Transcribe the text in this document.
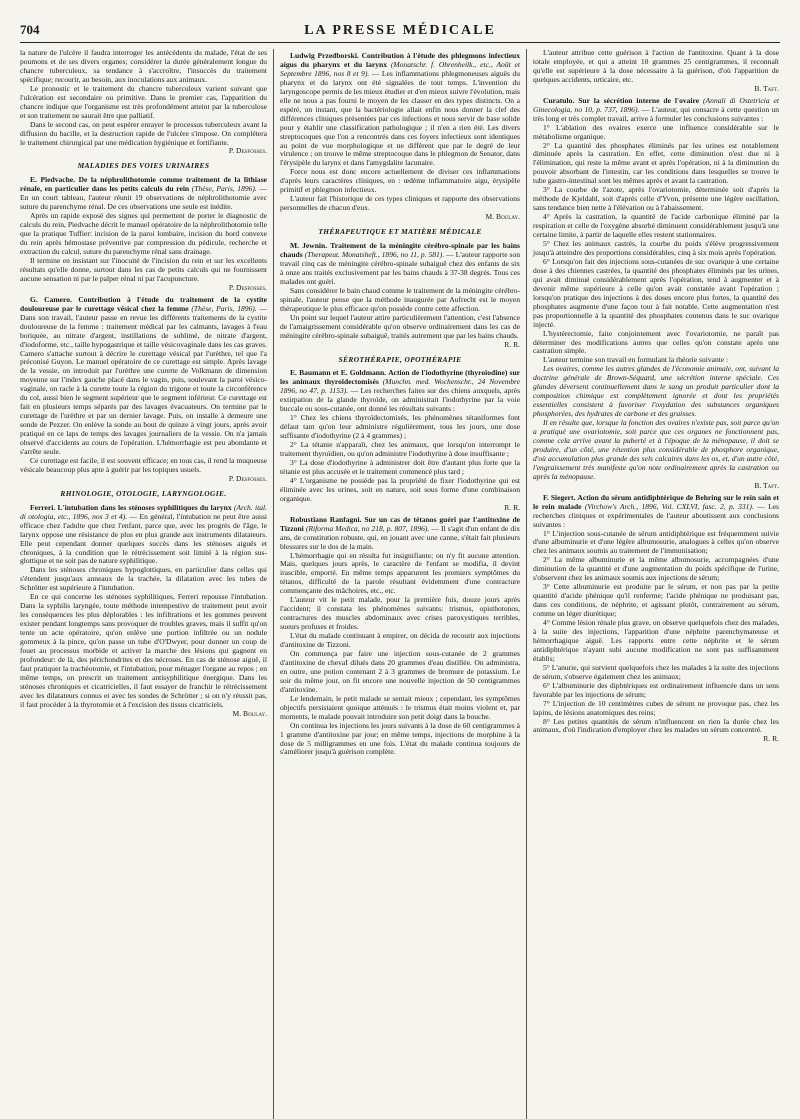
704	LA PRESSE MÉDICALE

la nature de l'ulcère il faudra interroger les antécédents du malade, l'état de ses poumons et de ses divers organes; considérer la durée généralement longue du chancre tuberculeux, sa tendance à s'accroître, l'insuccès du traitement spécifique; recourir, au besoin, aux inoculations aux animaux.

Le pronostic et le traitement du chancre tuberculeux varient suivant que l'ulcération est secondaire ou primitive. Dans le premier cas, l'apparition du chancre indique que l'organisme est très profondément atteint par la tuberculose et son traitement ne saurait être que palliatif.

Dans le second cas, on peut espérer enrayer le processus tuberculeux avant la diffusion du bacille, et la destruction rapide de l'ulcère s'impose. On complétera le traitement chirurgical par une médication hygiénique et fortifiante.

P. Desfosses.

MALADIES DES VOIES URINAIRES

E. Piedvache. De la néphrolithotomie comme traitement de la lithiase rénale, en particulier dans les petits calculs du rein (Thèse, Paris, 1896). — En un court tableau, l'auteur réunit 19 observations de néphrolithotomie avec suture du parenchyme rénal. De ces observations une seule est inédite.

Après un rapide exposé des signes qui permettent de porter le diagnostic de calculs du rein, Piedvache décrit le manuel opératoire de la néphrolithotomie telle que la pratique Tuffier: incision de la paroi lombaire, incision du bord convexe du rein après hémostase préventive par compression du pédicule, recherche et extraction du calcul, suture du parenchyme rénal sans drainage.

Il termine en insistant sur l'inocuité de l'incision du rein et sur les excellents résultats qu'elle donne, surtout dans les cas de petits calculs qui ne fournissent aucune sensation ni par le palper rénal ni par l'acupuncture.

P. Desfosses.

G. Camero. Contribution à l'étude du traitement de la cystite douloureuse par le curettage vésical chez la femme (Thèse, Paris, 1896). — Dans son travail, l'auteur passe en revue les différents traitements de la cystite douloureuse de la femme : traitement médical par les calmants, lavages à l'eau boriquée, au nitrate d'argent, instillations de sublimé, de nitrate d'argent, d'iodoforme, etc., taille hypogastrique et taille vésicovaginale dans les cas graves. Camero s'attache surtout à décrire le curettage vésical par l'urèthre, tel que l'a préconisé Guyon. Le manuel opératoire de ce curettage est simple. Après lavage de la vessie, on introduit par l'urèthre une curette de Volkmann de dimension moyenne sur l'index gauche placé dans le vagin, puis, soulevant la paroi vésico-vaginale, on racle à la curette toute la région du trigone et toute la circonférence du col, aussi bien le segment supérieur que le segment inférieur. Ce curettage est fait en plusieurs temps séparés par des lavages évacuateurs. On termine par le curettage de l'urèthre et par un dernier lavage. Puis, on installe à demeure une sonde de Pezzer. On enlève la sonde au bout de quinze à vingt jours, après avoir pratiqué en ce laps de temps des lavages journaliers de la vessie. On n'a jamais observé d'accidents au cours de l'opération. L'hémorrhagie est peu abondante et s'arrête seule.

Ce curettage est facile, il est souvent efficace; en tous cas, il rend la muqueuse vésicale beaucoup plus apte à guérir par les topiques usuels.

P. Desfosses.

RHINOLOGIE, OTOLOGIE, LARYNGOLOGIE.

Ferreri. L'intubation dans les sténoses syphilitiques du larynx (Arch. ital. di otologia, etc., 1896, nos 3 et 4). — En général, l'intubation ne peut être aussi efficace chez l'adulte que chez l'enfant, parce que, avec les progrès de l'âge, le larynx oppose une résistance de plus en plus grande aux instruments dilatateurs. Elle peut cependant donner quelques succès dans les sténoses aiguës et chroniques, à la condition que le rétrécissement soit limité à la région sus-glottique et ne soit pas de nature syphilitique.

Dans les sténoses chroniques hypoglottiques, en particulier dans celles qui s'étendent jusqu'aux anneaux de la trachée, la dilatation avec les tubes de Schrötter est supérieure à l'intubation.

En ce qui concerne les sténoses syphilitiques, Ferreri repousse l'intubation. Dans la syphilis laryngée, toute méthode intempestive de traitement peut avoir les conséquences les plus déplorables : les infiltrations et les gommes peuvent exister pendant longtemps sans provoquer de troubles graves, mais il suffit qu'on tente un acte opératoire, qu'on enlève une portion infiltrée ou un nodule gommeux à la pince, qu'on passe un tube d'O'Dwyer, pour donner un coup de fouet au processus morbide et activer la marche des lésions qui gagnent en profondeur: de là, des périchondrites et des nécroses. En cas de sténose aiguë, il faut pratiquer la trachéotomie, et l'intubation, pour ménager l'organe au repos ; en même temps, on prescrit un traitement antisyphilitique énergique. Dans les sténoses chroniques et cicatricielles, il faut essayer de franchir le rétrécissement avec les dilatateurs connus et avec les sondes de Schrötter ; si on n'y réussit pas, il faut procéder à la thyrotomie et à l'excision des tissus cicatriciels.

M. Boulay.

Ludwig Przedborski. Contribution à l'étude des phlegmons infectieux aigus du pharynx et du larynx (Monatschr. f. Ohrenheilk., etc., Août et Septembre 1896, nos 8 et 9). — Les inflammations phlegmoneuses aiguës du pharynx et du larynx ont été signalées de tout temps. L'invention du laryngoscope permis de les mieux étudier et d'en mieux suivre l'évolution, mais elle ne nous a pas fourni le moyen de les classer en des types distincts. On a espéré, un instant, que la bactériologie allait enfin nous donner la clef des différences cliniques présentées par ces infections et nous servir de base solide pour y établir une classification pathologique ; il n'en a rien été. Les divers streptocoques que l'on a rencontrés dans ces foyers infectieux sont identiques au point de vue morphologique et ne diffèrent que par le degré de leur virulence ; on trouve le même streptocoque dans le phlegmon de Senator, dans l'érysipèle du larynx et dans l'amygdalite lacunaire.

Force nous est donc encore actuellement de diviser ces inflammations d'après leurs caractères cliniques, en : œdème inflammatoire aigu, érysipèle primitif et phlegmon infectieux.

L'auteur fait l'historique de ces types cliniques et rapporte des observations personnelles de chacun d'eux.

M. Boulay.

THÉRAPEUTIQUE ET MATIÈRE MÉDICALE

M. Jewnin. Traitement de la méningite cérébro-spinale par les bains chauds (Therapeut. Monatsheft., 1896, no 11, p. 581). — L'auteur rapporte son travail cinq cas de méningite cérébro-spinale subaiguë chez des enfants de six à onze ans traités exclusivement par les bains chauds à 37-38 degrés. Tous ces malades ont guéri.

Sans considérer le bain chaud comme le traitement de la méningite cérébro-spinale, l'auteur pense que la méthode inaugurée par Aufrecht est le moyen thérapeutique le plus efficace qu'on possède contre cette affection.

Un point sur lequel l'auteur attire particulièrement l'attention, c'est l'absence de l'amaigrissement considérable qu'on observe ordinairement dans les cas de méningite cérébro-spinale subaiguë, traités autrement que par les bains chauds.

R. R.

SÉROTHÉRAPIE, OPOTHÉRAPIE

E. Baumann et E. Goldmann. Action de l'iodothyrine (thyroïodine) sur les animaux thyroïdectomisés (Munchn. med. Wochenschr., 24 Novembre 1896, no 47, p. 1153). — Les recherches faites sur des chiens auxquels, après extirpation de la glande thyroïde, on administrait l'iodothyrine par la voie buccale ou sous-cutanée, ont donné les résultats suivants :

1° Chez les chiens thyroïdectomisés, les phénomènes tétaniformes font défaut tant qu'on leur administre régulièrement, tous les jours, une dose suffisante d'iodothyrine (2 à 4 grammes) ;

2° La tétanie n'apparaît, chez les animaux, que lorsqu'on interrompt le traitement thyroïdien, ou qu'on administre l'iodothyrine à dose insuffisante ;

3° La dose d'iodothyrine à administrer doit être d'autant plus forte que la tétanie est plus accusée et le traitement commencé plus tard ;

4° L'organisme ne possède pas la propriété de fixer l'iodothyrine qui est éliminée avec les urines, soit en nature, soit sous forme d'une combinaison organique.

R. R.

Robustiano Ranfagni. Sur un cas de tétanos guéri par l'antitoxine de Tizzoni (Riforma Medica, no 218, p. 807, 1896). — Il s'agit d'un enfant de dix ans, de constitution robuste, qui, en jouant avec une canne, s'était fait plusieurs blessures sur le dos de la main.

L'hémorrhagie qui en résulta fut insignifiante; on n'y fit aucune attention. Mais, quelques jours après, le caractère de l'enfant se modifia, il devint irascible, emporté. En même temps apparurent les premiers symptômes du tétanos, difficulté de la parole résultant évidemment d'une contracture commençante des mâchoires, etc., etc.

L'auteur vit le petit malade, pour la première fois, douze jours après l'accident; il constata les phénomènes suivants: trismus, opisthotonos, contractures des muscles abdominaux avec crises paroxystiques terribles, sueurs profuses et froides.

L'état du malade continuant à empirer, on décida de recourir aux injections d'antitoxine de Tizzoni.

On commença par faire une injection sous-cutanée de 2 grammes d'antitoxine de chevaI dilués dans 20 grammes d'eau distillée. On administra, en outre, une potion contenant 2 à 3 grammes de bromure de potassium. Le soir du même jour, on fit encore une nouvelle injection de 50 centigrammes d'antitoxine.

Le lendemain, le petit malade se sentait mieux ; cependant, les symptômes objectifs persistaient quoique atténués : le trismus était moins violent et, par moments, le malade pouvait introduire son petit doigt dans la bouche.

On continua les injections les jours suivants à la dose de 60 centigrammes à 1 gramme d'antitoxine par jour; en même temps, injections de morphine à la dose de 5 milligrammes en une fois. L'état du malade continua toujours de s'améliorer jusqu'à guérison complète.

L'auteur attribue cette guérison à l'action de l'antitoxine. Quant à la dose totale employée, et qui a atteint 10 grammes 25 centigrammes, il reconnaît qu'elle est supérieure à la dose nécessaire à la guérison, d'où l'apparition de quelques accidents, urticaire, etc.

B. Taft.

Curatulo. Sur la sécrétion interne de l'ovaire (Annali di Ostetricia et Ginecologia, no 10, p. 737, 1896). — L'auteur, qui consacre à cette question un très long et très complet travail, arrive à formuler les conclusions suivantes :

1° L'ablation des ovaires exerce une influence considérable sur le métabolisme organique.

2° La quantité des phosphates éliminés par les urines est notablement diminuée après la castration. En effet, cette diminution n'est due ni à l'élimination, qui reste la même avant et après l'opération, ni à la diminution du pouvoir absorbant de l'intestin, car les conditions dans lesquelles se trouve le tube gastro-intestinal sont les mêmes après et avant la castration.

3° La courbe de l'azote, après l'ovariotomie, déterminée soit d'après la méthode de Kjeldahl, soit d'après celle d'Yvon, présente une légère oscillation, sans tendance bien nette à l'élévation ou à l'abaissement.

4° Après la castration, la quantité de l'acide carbonique éliminé par la respiration et celle de l'oxygène absorbé diminuent considérablement jusqu'à une certaine limite, à partir de laquelle elles restent stationnaires.

5° Chez les animaux castrés, la courbe du poids s'élève progressivement jusqu'à atteindre des proportions considérables, cinq à six mois après l'opération.

6° Lorsqu'on fait des injections sous-cutanées de suc ovarique à une certaine dose à des chiennes castrées, la quantité des phosphates éliminés par les urines, qui avait diminué considérablement après l'opération, tend à augmenter et à devenir même supérieure à celle qu'on avait constatée avant l'opération ; lorsqu'on pratique des injections à des doses encore plus fortes, la quantité des phosphates augmente d'une façon tout à fait notable. Cette augmentation n'est pas proportionnelle à la quantité des phosphates contenus dans le suc ovarique injecté.

L'hystérectomie, faite conjointement avec l'ovariotomie, ne paraît pas déterminer des modifications autres que celles qu'on constate après une castration simple.

L'auteur termine son travail en formulant la théorie suivante :

Les ovaires, comme les autres glandes de l'économie animale, ont, suivant la doctrine générale de Brown-Séquard, une sécrétion interne spéciale. Ces glandes déversent continuellement dans le sang un produit particulier dont la composition chimique est complètement ignorée et dont les propriétés essentielles consistent à favoriser l'oxydation des substances organiques phosphorées, des hydrates de carbone et des graisses.

Il en résulte que, lorsque la fonction des ovaires n'existe pas, soit parce qu'on a pratiqué une ovariotomie, soit parce que ces organes ne fonctionnent pas, comme cela arrive avant la puberté et à l'époque de la ménopause, il doit se produire, d'un côté, une rétention plus considérable de phosphore organique, d'où accumulation plus grande des sels calcaires dans les os, et, d'un autre côté, l'engraissement très manifeste qu'on note ordinairement après la castration ou après la ménopause.

B. Taft.

F. Siegert. Action du sérum antidiphtérique de Behring sur le rein sain et le rein malade (Virchow's Arch., 1896, Vol. CXLVI, fasc. 2, p. 331). — Les recherches cliniques et expérimentales de l'auteur aboutissent aux conclusions suivantes :

1° L'injection sous-cutanée de sérum antidiphtérique est fréquemment suivie d'une albuminurie et d'une légère albumosurie, analogues à celles qu'on observe chez les animaux soumis au traitement de l'immunisation;

2° La même albuminurie et la même albumosurie, accompagnées d'une diminution de la quantité et d'une augmentation du poids spécifique de l'urine, s'observent chez les animaux soumis aux injections de sérum;

3° Cette albuminurie est produite par le sérum, et non pas par la petite quantité d'acide phénique qu'il renferme; l'acide phénique ne produisant pas, dans ces conditions, de néphrite, et agissant plutôt, contrairement au sérum, comme un léger diurétique;

4° Comme lésion rénale plus grave, on observe quelquefois chez des malades, à la suite des injections, l'apparition d'une néphrite parenchymateuse et hémorrhagique aiguë. Les rapports entre cette néphrite et le sérum antidiphtérique n'ayant subi aucune modification ne sont pas suffisamment établis;

5° L'anurie, qui survient quelquefois chez les malades à la suite des injections de sérum, s'observe également chez les animaux;

6° L'albuminurie des diphtériques est ordinairement influencée dans un sens favorable par les injections de sérum;

7° L'injection de 10 centimètres cubes de sérum ne provoque pas, chez les lapins, de lésions anatomiques des reins;

8° Les petites quantités de sérum n'influencent en rien la durée chez les animaux, d'où l'indication d'employer chez les malades un sérum concentré.

R. R.
